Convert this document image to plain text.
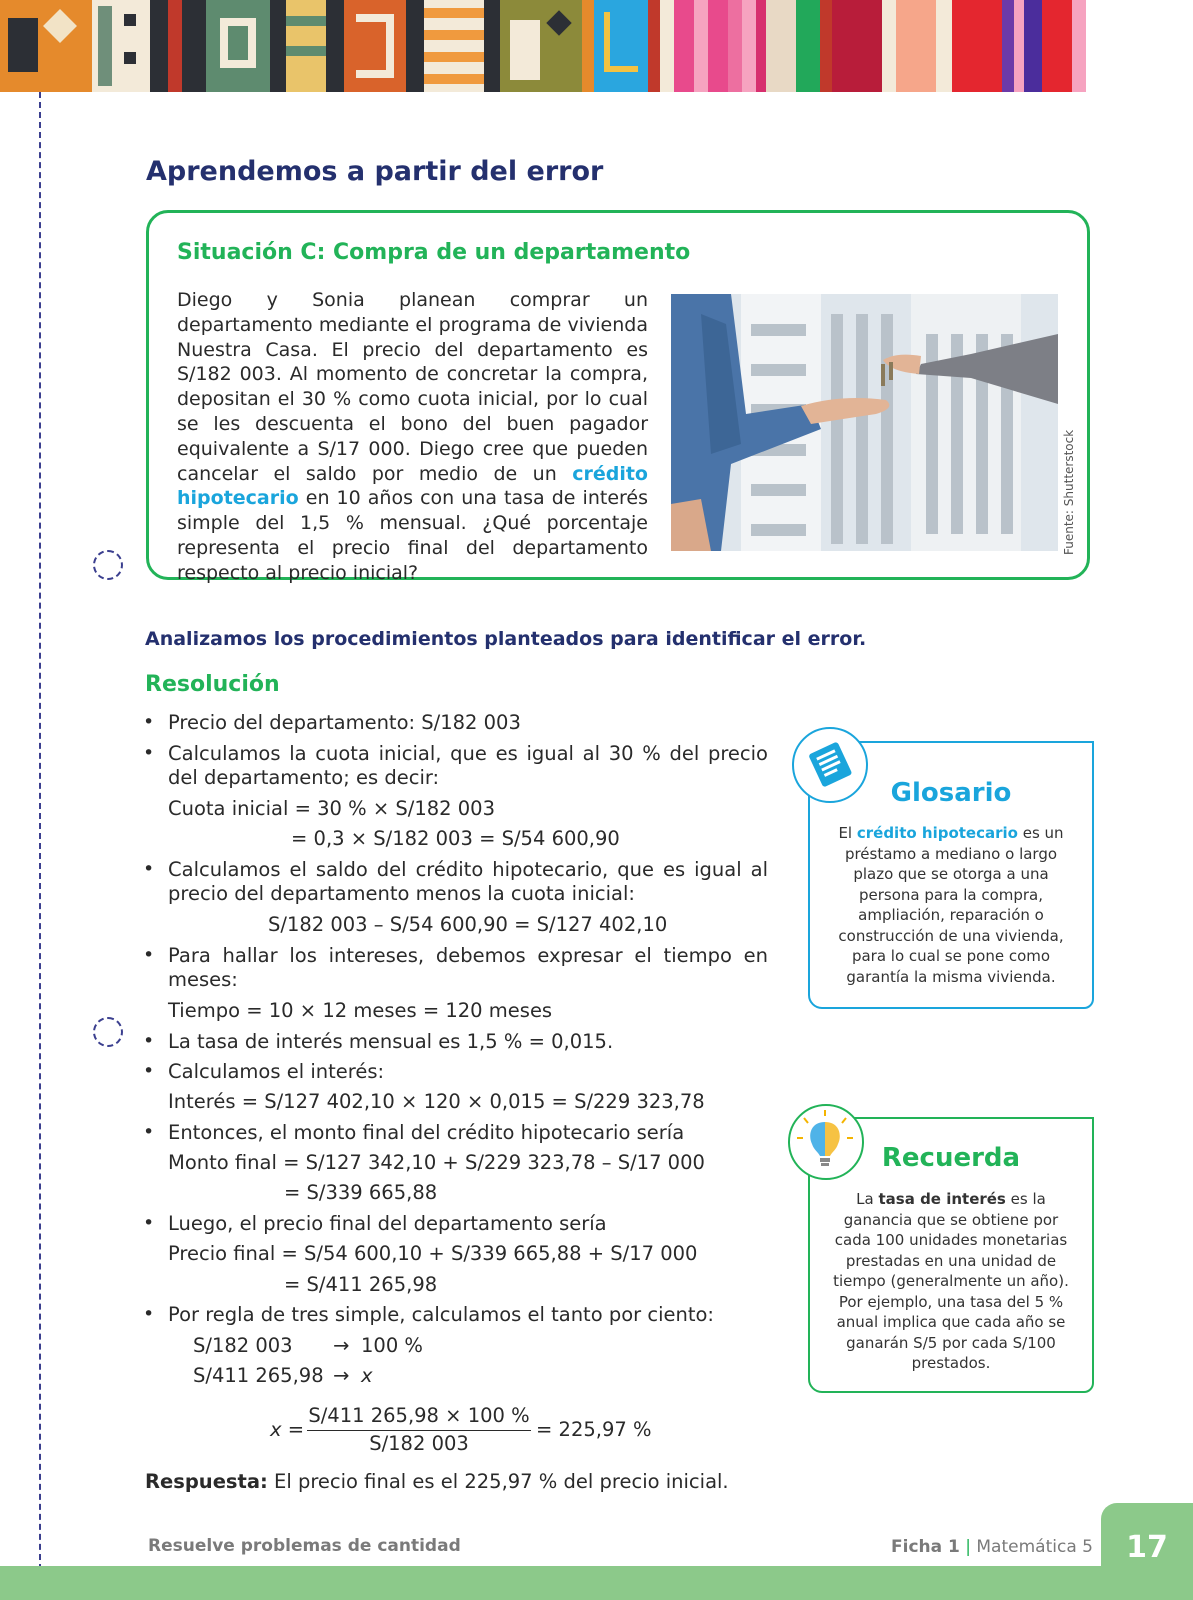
Aprendemos a partir del error
Situación C: Compra de un departamento
Diego y Sonia planean comprar un departamento mediante el programa de vivienda Nuestra Casa. El precio del departamento es S/182 003. Al momento de concretar la compra, depositan el 30 % como cuota inicial, por lo cual se les descuenta el bono del buen pagador equivalente a S/17 000. Diego cree que pueden cancelar el saldo por medio de un crédito hipotecario en 10 años con una tasa de interés simple del 1,5 % mensual. ¿Qué porcentaje representa el precio final del departamento respecto al precio inicial?
Fuente: Shutterstock
Analizamos los procedimientos planteados para identificar el error.
Resolución
• Precio del departamento: S/182 003
• Calculamos la cuota inicial, que es igual al 30 % del precio del departamento; es decir:
Cuota inicial = 30 % × S/182 003
= 0,3 × S/182 003 = S/54 600,90
• Calculamos el saldo del crédito hipotecario, que es igual al precio del departamento menos la cuota inicial:
S/182 003 – S/54 600,90 = S/127 402,10
• Para hallar los intereses, debemos expresar el tiempo en meses:
Tiempo = 10 × 12 meses = 120 meses
• La tasa de interés mensual es 1,5 % = 0,015.
• Calculamos el interés:
Interés = S/127 402,10 × 120 × 0,015 = S/229 323,78
• Entonces, el monto final del crédito hipotecario sería
Monto final = S/127 342,10 + S/229 323,78 – S/17 000
= S/339 665,88
• Luego, el precio final del departamento sería
Precio final = S/54 600,10 + S/339 665,88 + S/17 000
= S/411 265,98
• Por regla de tres simple, calculamos el tanto por ciento:
S/182 003 → 100 %
S/411 265,98 → x
x =
S/411 265,98 × 100 %
S/182 003
= 225,97 %
Respuesta: El precio final es el 225,97 % del precio inicial.
Glosario
El crédito hipotecario es un préstamo a mediano o largo plazo que se otorga a una persona para la compra, ampliación, reparación o construcción de una vivienda, para lo cual se pone como garantía la misma vivienda.
Recuerda
La tasa de interés es la ganancia que se obtiene por cada 100 unidades monetarias prestadas en una unidad de tiempo (generalmente un año). Por ejemplo, una tasa del 5 % anual implica que cada año se ganarán S/5 por cada S/100 prestados.
Resuelve problemas de cantidad	Ficha 1 | Matemática 5	17
